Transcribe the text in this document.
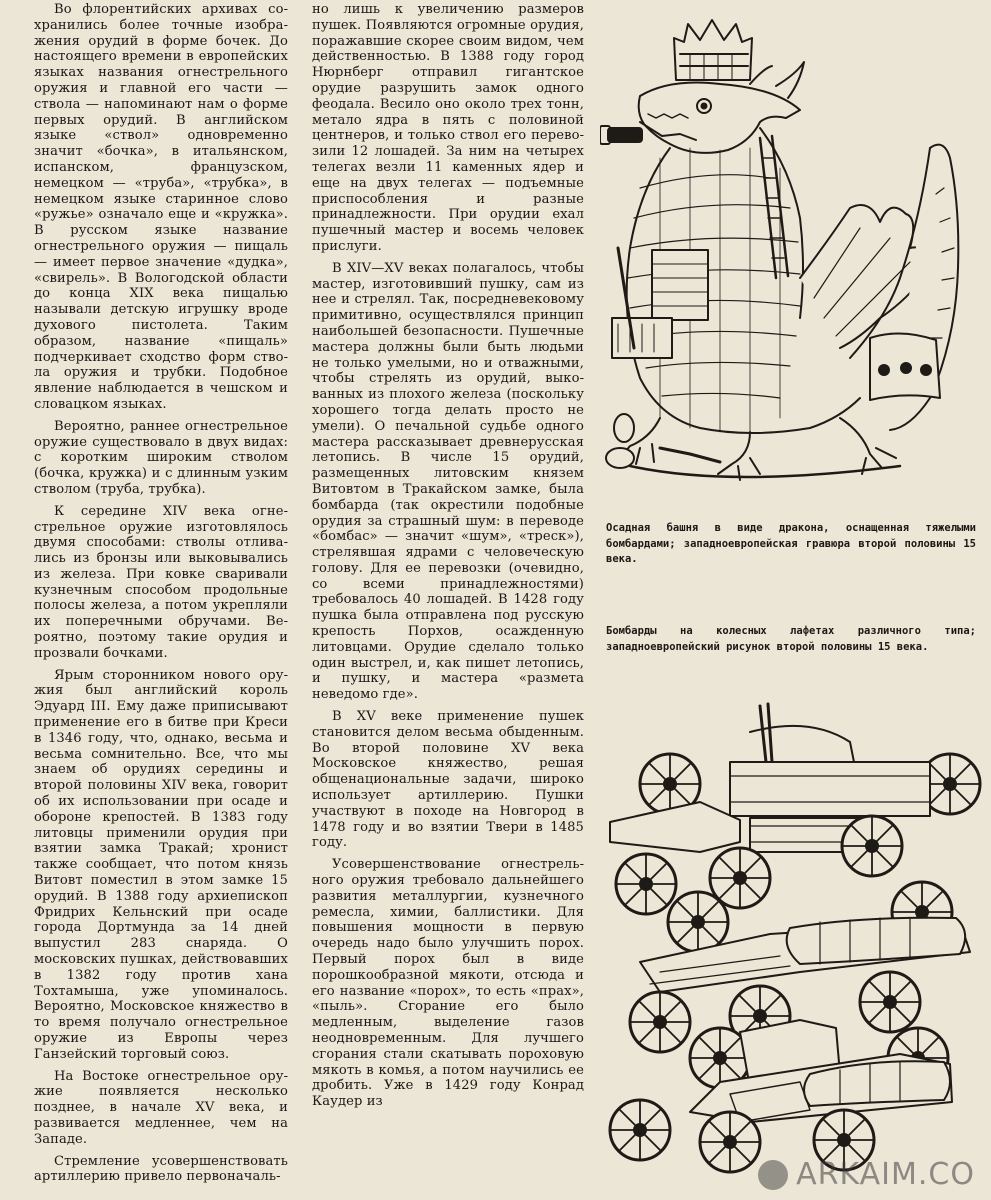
Во флорентийских архивах сохранились более точные изображения орудий в форме бочек. До настоящего времени в европейских языках названия огнестрельного оружия и главной его части — ствола — напоминают нам о форме первых орудий. В английском языке «ствол» одновременно значит «бочка», в итальянском, испанском, французском, немецком — «труба», «трубка», в немецком языке старинное слово «ружье» означало еще и «кружка». В русском языке название огнестрельного оружия — пищаль — имеет первое значение «дудка», «свирель». В Вологодской области до конца XIX века пищалью называли детскую игрушку вроде духового пистолета. Таким образом, название «пищаль» подчеркивает сходство форм ствола оружия и трубки. Подобное явление наблюдается в чешском и словацком языках.

Вероятно, раннее огнестрельное оружие существовало в двух видах: с коротким широким стволом (бочка, кружка) и с длинным узким стволом (труба, трубка).

К середине XIV века огнестрельное оружие изготовлялось двумя способами: стволы отливались из бронзы или выковывались из железа. При ковке сваривали кузнечным способом продольные полосы железа, а потом укрепляли их поперечными обручами. Вероятно, поэтому такие орудия и прозвали бочками.

Ярым сторонником нового оружия был английский король Эдуард III. Ему даже приписывают применение его в битве при Креси в 1346 году, что, однако, весьма и весьма сомнительно. Все, что мы знаем об орудиях середины и второй половины XIV века, говорит об их использовании при осаде и обороне крепостей. В 1383 году литовцы применили орудия при взятии замка Тракай; хронист также сообщает, что потом князь Витовт поместил в этом замке 15 орудий. В 1388 году архиепископ Фридрих Кельнский при осаде города Дортмунда за 14 дней выпустил 283 снаряда. О московских пушках, действовавших в 1382 году против хана Тохтамыша, уже упоминалось. Вероятно, Московское княжество в то время получало огнестрельное оружие из Европы через Ганзейский торговый союз.

На Востоке огнестрельное оружие появляется несколько позднее, в начале XV века, и развивается медленнее, чем на Западе.

Стремление усовершенствовать артиллерию привело первоначаль-

но лишь к увеличению размеров пушек. Появляются огромные орудия, поражавшие скорее своим видом, чем действенностью. В 1388 году город Нюрнберг отправил гигантское орудие разрушить замок одного феодала. Весило оно около трех тонн, метало ядра в пять с половиной центнеров, и только ствол его перевозили 12 лошадей. За ним на четырех телегах везли 11 каменных ядер и еще на двух телегах — подъемные приспособления и разные принадлежности. При орудии ехал пушечный мастер и восемь человек прислуги.

В XIV—XV веках полагалось, чтобы мастер, изготовивший пушку, сам из нее и стрелял. Так, посредневековому примитивно, осуществлялся принцип наибольшей безопасности. Пушечные мастера должны были быть людьми не только умелыми, но и отважными, чтобы стрелять из орудий, выкованных из плохого железа (поскольку хорошего тогда делать просто не умели). О печальной судьбе одного мастера рассказывает древнерусская летопись. В числе 15 орудий, размещенных литовским князем Витовтом в Тракайском замке, была бомбарда (так окрестили подобные орудия за страшный шум: в переводе «бомбас» — значит «шум», «треск»), стрелявшая ядрами с человеческую голову. Для ее перевозки (очевидно, со всеми принадлежностями) требовалось 40 лошадей. В 1428 году пушка была отправлена под русскую крепость Порхов, осажденную литовцами. Орудие сделало только один выстрел, и, как пишет летопись, и пушку, и мастера «размета неведомо где».

В XV веке применение пушек становится делом весьма обыденным. Во второй половине XV века Московское княжество, решая общенациональные задачи, широко использует артиллерию. Пушки участвуют в походе на Новгород в 1478 году и во взятии Твери в 1485 году.

Усовершенствование огнестрельного оружия требовало дальнейшего развития металлургии, кузнечного ремесла, химии, баллистики. Для повышения мощности в первую очередь надо было улучшить порох. Первый порох был в виде порошкообразной мякоти, отсюда и его название «порох», то есть «прах», «пыль». Сгорание его было медленным, выделение газов неодновременным. Для лучшего сгорания стали скатывать пороховую мякоть в комья, а потом научились ее дробить. Уже в 1429 году Конрад Каудер из

Осадная башня в виде дракона, оснащенная тяжелыми бомбардами; западноевропейская гравюра второй половины 15 века.
Бомбарды на колесных лафетах различного типа; западноевропейский рисунок второй половины 15 века.
ARKAIM.CO
